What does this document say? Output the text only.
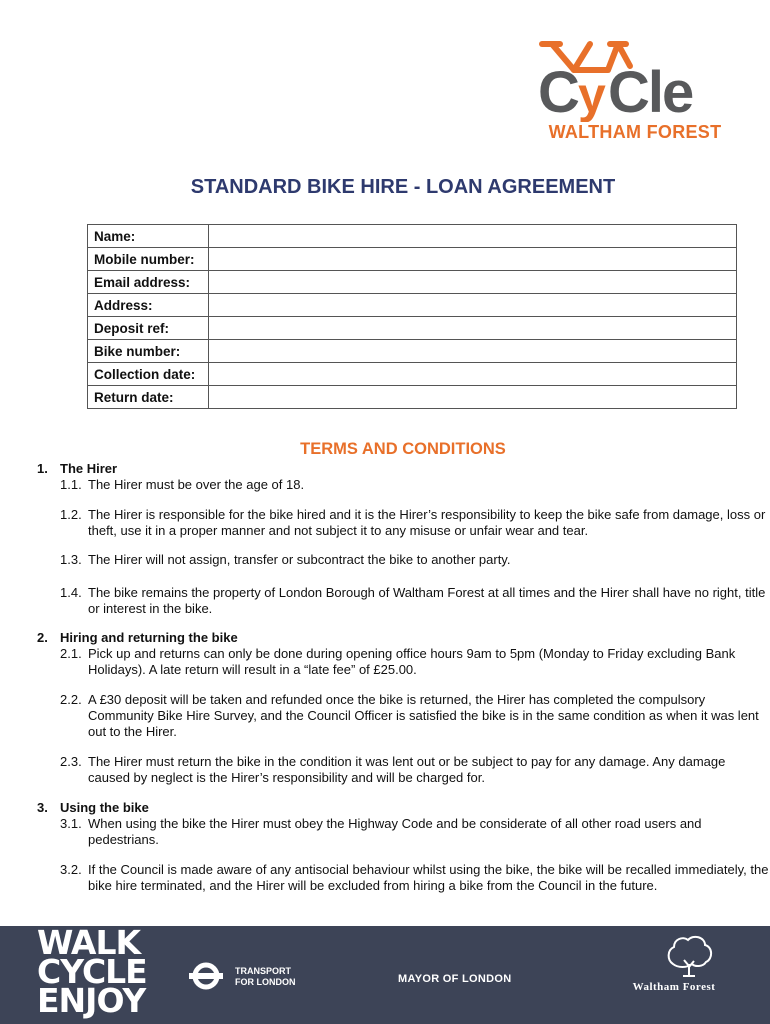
C y Cle
WALTHAM FOREST
STANDARD BIKE HIRE - LOAN AGREEMENT
Name:	
Mobile number:	
Email address:	
Address:	
Deposit ref:	
Bike number:	
Collection date:	
Return date:	
TERMS AND CONDITIONS
1. The Hirer
1.1. The Hirer must be over the age of 18.
1.2. The Hirer is responsible for the bike hired and it is the Hirer’s responsibility to keep the bike safe from damage, loss or theft, use it in a proper manner and not subject it to any misuse or unfair wear and tear.
1.3. The Hirer will not assign, transfer or subcontract the bike to another party.
1.4. The bike remains the property of London Borough of Waltham Forest at all times and the Hirer shall have no right, title or interest in the bike.
2. Hiring and returning the bike
2.1. Pick up and returns can only be done during opening office hours 9am to 5pm (Monday to Friday excluding Bank Holidays). A late return will result in a “late fee” of £25.00.
2.2. A £30 deposit will be taken and refunded once the bike is returned, the Hirer has completed the compulsory Community Bike Hire Survey, and the Council Officer is satisfied the bike is in the same condition as when it was lent out to the Hirer.
2.3. The Hirer must return the bike in the condition it was lent out or be subject to pay for any damage. Any damage caused by neglect is the Hirer’s responsibility and will be charged for.
3. Using the bike
3.1. When using the bike the Hirer must obey the Highway Code and be considerate of all other road users and pedestrians.
3.2. If the Council is made aware of any antisocial behaviour whilst using the bike, the bike will be recalled immediately, the bike hire terminated, and the Hirer will be excluded from hiring a bike from the Council in the future.
WALK
CYCLE
ENJOY
TRANSPORT
FOR LONDON	MAYOR OF LONDON
Waltham Forest
